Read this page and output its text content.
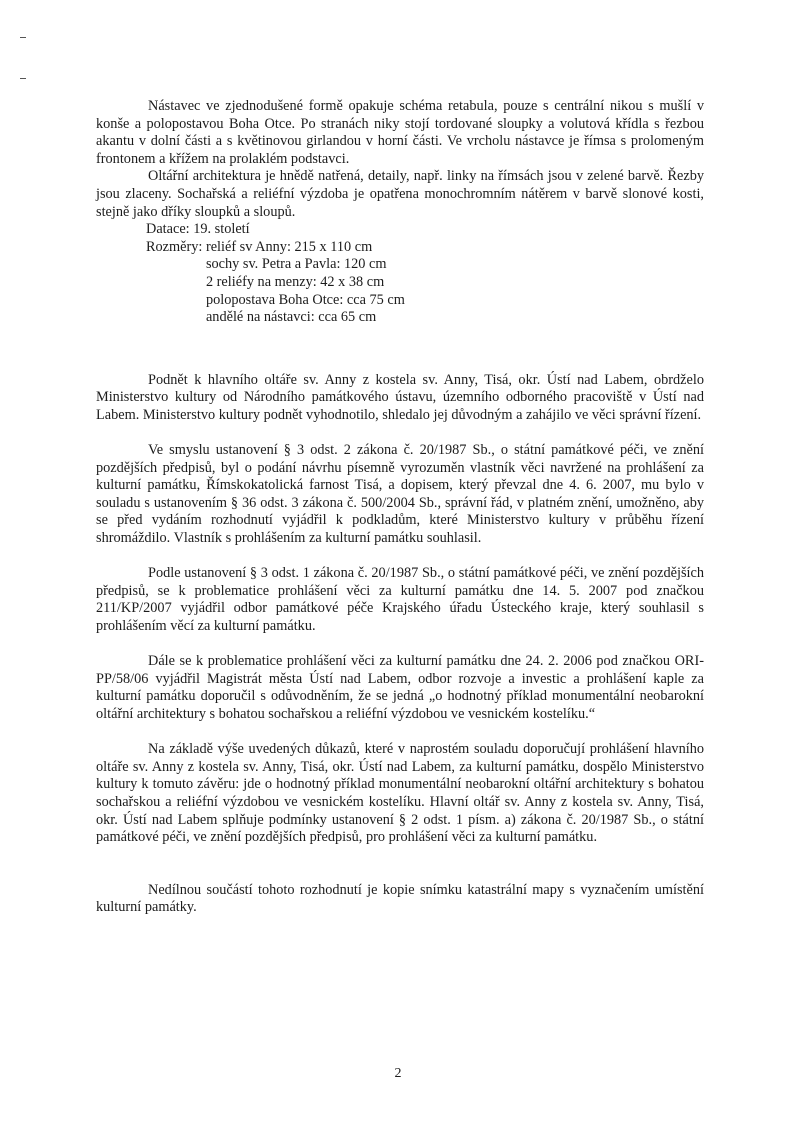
Nástavec ve zjednodušené formě opakuje schéma retabula, pouze s centrální nikou s mušlí v konše a polopostavou Boha Otce. Po stranách niky stojí tordované sloupky a volutová křídla s řezbou akantu v dolní části a s květinovou girlandou v horní části. Ve vrcholu nástavce je římsa s prolomeným frontonem a křížem na prolaklém podstavci.

Oltářní architektura je hnědě natřená, detaily, např. linky na římsách jsou v zelené barvě. Řezby jsou zlaceny. Sochařská a reliéfní výzdoba je opatřena monochromním nátěrem v barvě slonové kosti, stejně jako dříky sloupků a sloupů.

Datace: 19. století

Rozměry: reliéf sv Anny: 215 x 110 cm
sochy sv. Petra a Pavla: 120 cm
2 reliéfy na menzy: 42 x 38 cm
polopostava Boha Otce: cca 75 cm
andělé na nástavci: cca 65 cm

Podnět k hlavního oltáře sv. Anny z kostela sv. Anny, Tisá, okr. Ústí nad Labem, obrdželo Ministerstvo kultury od Národního památkového ústavu, územního odborného pracoviště v Ústí nad Labem. Ministerstvo kultury podnět vyhodnotilo, shledalo jej důvodným a zahájilo ve věci správní řízení.

Ve smyslu ustanovení § 3 odst. 2 zákona č. 20/1987 Sb., o státní památkové péči, ve znění pozdějších předpisů, byl o podání návrhu písemně vyrozuměn vlastník věci navržené na prohlášení za kulturní památku, Římskokatolická farnost Tisá, a dopisem, který převzal dne 4. 6. 2007, mu bylo v souladu s ustanovením § 36 odst. 3 zákona č. 500/2004 Sb., správní řád, v platném znění, umožněno, aby se před vydáním rozhodnutí vyjádřil k podkladům, které Ministerstvo kultury v průběhu řízení shromáždilo. Vlastník s prohlášením za kulturní památku souhlasil.

Podle ustanovení § 3 odst. 1 zákona č. 20/1987 Sb., o státní památkové péči, ve znění pozdějších předpisů, se k problematice prohlášení věci za kulturní památku dne 14. 5. 2007 pod značkou 211/KP/2007 vyjádřil odbor památkové péče Krajského úřadu Ústeckého kraje, který souhlasil s prohlášením věcí za kulturní památku.

Dále se k problematice prohlášení věci za kulturní památku dne 24. 2. 2006 pod značkou ORI-PP/58/06 vyjádřil Magistrát města Ústí nad Labem, odbor rozvoje a investic a prohlášení kaple za kulturní památku doporučil s odůvodněním, že se jedná „o hodnotný příklad monumentální neobarokní oltářní architektury s bohatou sochařskou a reliéfní výzdobou ve vesnickém kostelíku.“

Na základě výše uvedených důkazů, které v naprostém souladu doporučují prohlášení hlavního oltáře sv. Anny z kostela sv. Anny, Tisá, okr. Ústí nad Labem, za kulturní památku, dospělo Ministerstvo kultury k tomuto závěru: jde o hodnotný příklad monumentální neobarokní oltářní architektury s bohatou sochařskou a reliéfní výzdobou ve vesnickém kostelíku. Hlavní oltář sv. Anny z kostela sv. Anny, Tisá, okr. Ústí nad Labem splňuje podmínky ustanovení § 2 odst. 1 písm. a) zákona č. 20/1987 Sb., o státní památkové péči, ve znění pozdějších předpisů, pro prohlášení věci za kulturní památku.

Nedílnou součástí tohoto rozhodnutí je kopie snímku katastrální mapy s vyznačením umístění kulturní památky.

2
